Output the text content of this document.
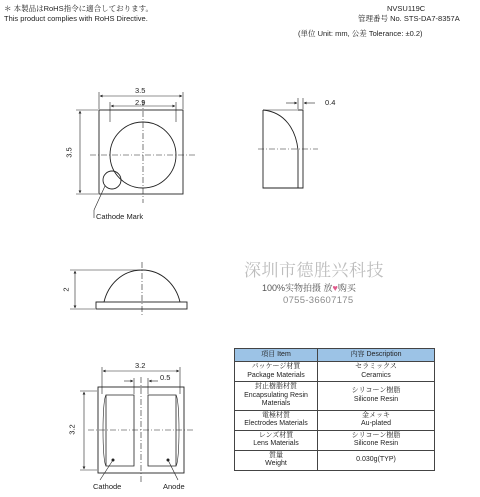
＊ 本製品はRoHS指令に適合しております。
This product complies with RoHS Directive.
NVSU119C
管理番号 No. STS-DA7-8357A
(単位 Unit: mm, 公差 Tolerance: ±0.2)
3.5
2.9
3.5
Cathode Mark
0.4
2
3.2
0.5
3.2
Cathode	Anode
深圳市德胜兴科技
100%实物拍摄 放♥购买
0755-36607175
項目 Item	内容 Description

パッケージ材質
Package Materials	セラミックス
Ceramics

封止樹脂材質
Encapsulating Resin
Materials	シリコーン樹脂
Silicone Resin

電極材質
Electrodes Materials	金メッキ
Au-plated

レンズ材質
Lens Materials	シリコーン樹脂
Silicone Resin

質量
Weight	0.030g(TYP)
